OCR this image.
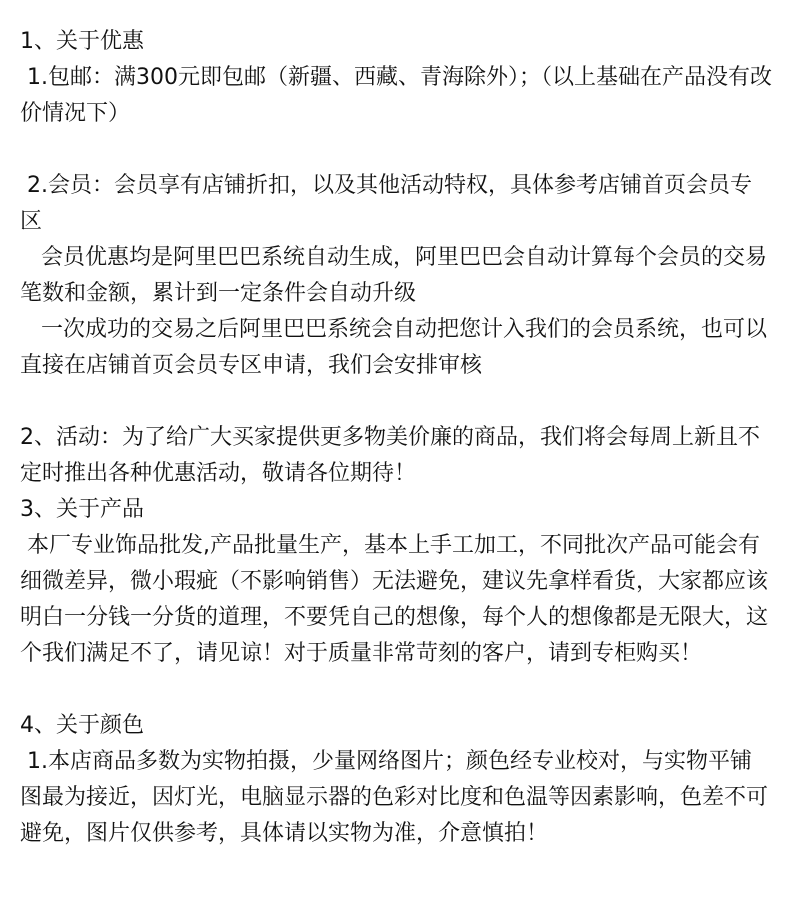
1、关于优惠

1.包邮：满300元即包邮（新疆、西藏、青海除外）；（以上基础在产品没有改价情况下）

2.会员：会员享有店铺折扣，以及其他活动特权，具体参考店铺首页会员专区

会员优惠均是阿里巴巴系统自动生成，阿里巴巴会自动计算每个会员的交易笔数和金额，累计到一定条件会自动升级

一次成功的交易之后阿里巴巴系统会自动把您计入我们的会员系统，也可以直接在店铺首页会员专区申请，我们会安排审核

2、活动：为了给广大买家提供更多物美价廉的商品，我们将会每周上新且不定时推出各种优惠活动，敬请各位期待！

3、关于产品

本厂专业饰品批发,产品批量生产，基本上手工加工，不同批次产品可能会有细微差异，微小瑕疵（不影响销售）无法避免，建议先拿样看货，大家都应该明白一分钱一分货的道理，不要凭自己的想像，每个人的想像都是无限大，这个我们满足不了，请见谅！对于质量非常苛刻的客户，请到专柜购买！

4、关于颜色

1.本店商品多数为实物拍摄，少量网络图片；颜色经专业校对，与实物平铺图最为接近，因灯光，电脑显示器的色彩对比度和色温等因素影响，色差不可避免，图片仅供参考，具体请以实物为准，介意慎拍！
